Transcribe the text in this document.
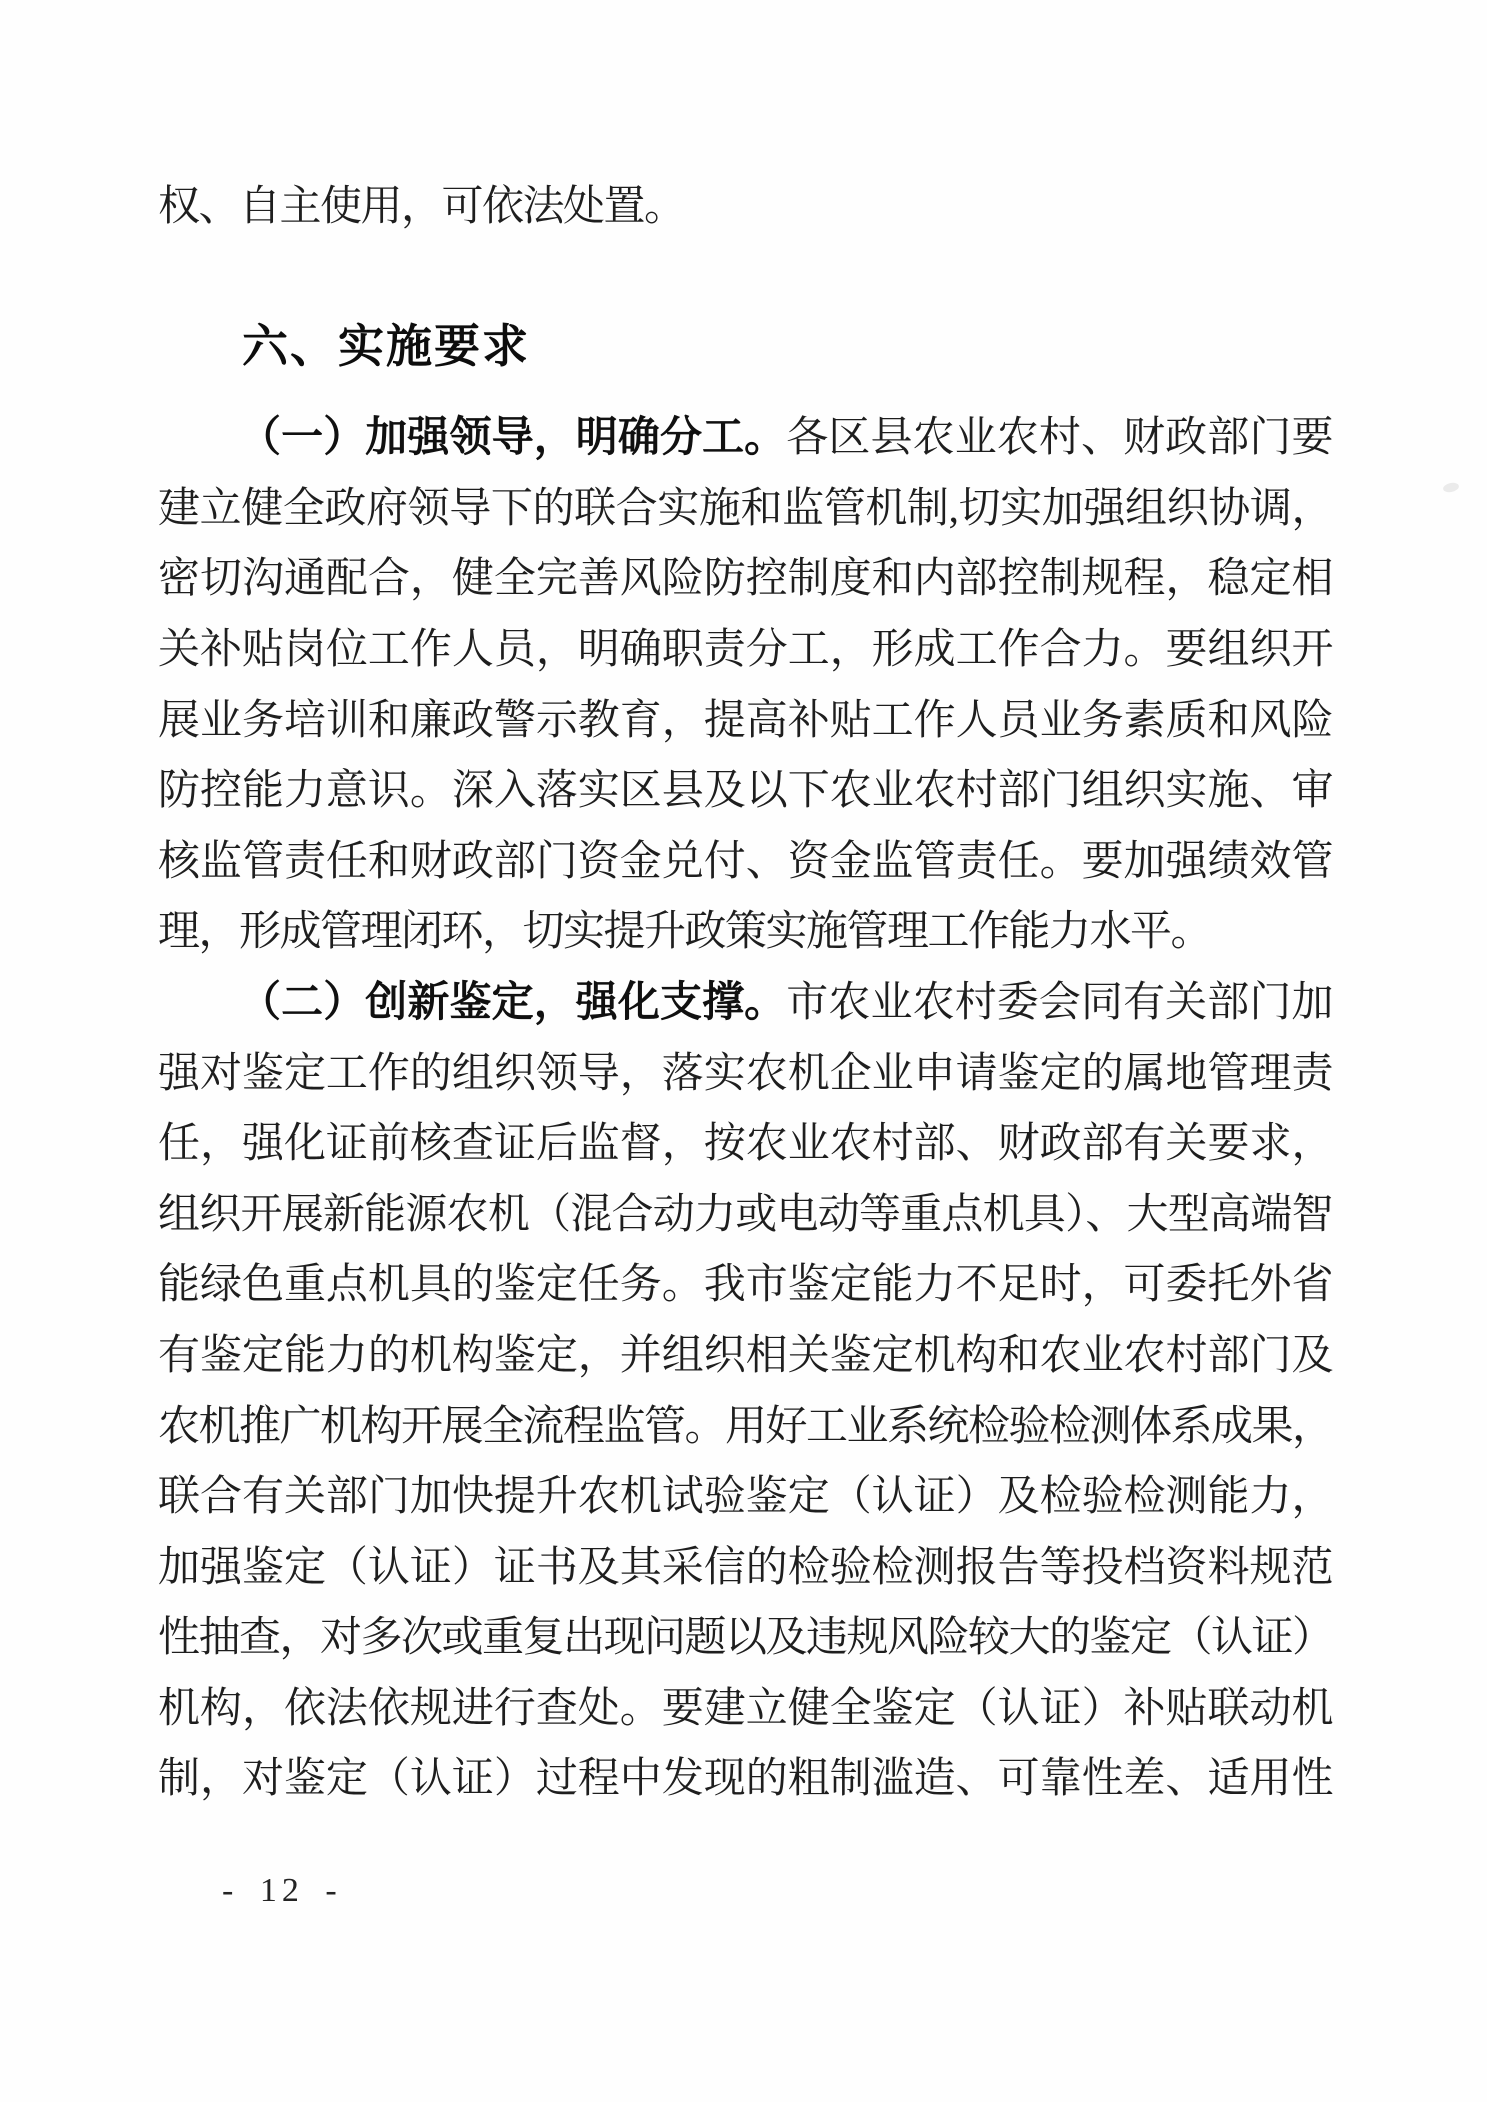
权、自主使用，可依法处置。
六、实施要求
（一）加强领导，明确分工。各区县农业农村、财政部门要
建立健全政府领导下的联合实施和监管机制,切实加强组织协调，
密切沟通配合，健全完善风险防控制度和内部控制规程，稳定相
关补贴岗位工作人员，明确职责分工，形成工作合力。要组织开
展业务培训和廉政警示教育，提高补贴工作人员业务素质和风险
防控能力意识。深入落实区县及以下农业农村部门组织实施、审
核监管责任和财政部门资金兑付、资金监管责任。要加强绩效管
理，形成管理闭环，切实提升政策实施管理工作能力水平。
（二）创新鉴定，强化支撑。市农业农村委会同有关部门加
强对鉴定工作的组织领导，落实农机企业申请鉴定的属地管理责
任，强化证前核查证后监督，按农业农村部、财政部有关要求，
组织开展新能源农机（混合动力或电动等重点机具）、大型高端智
能绿色重点机具的鉴定任务。我市鉴定能力不足时，可委托外省
有鉴定能力的机构鉴定，并组织相关鉴定机构和农业农村部门及
农机推广机构开展全流程监管。用好工业系统检验检测体系成果，
联合有关部门加快提升农机试验鉴定（认证）及检验检测能力，
加强鉴定（认证）证书及其采信的检验检测报告等投档资料规范
性抽查，对多次或重复出现问题以及违规风险较大的鉴定（认证）
机构，依法依规进行查处。要建立健全鉴定（认证）补贴联动机
制，对鉴定（认证）过程中发现的粗制滥造、可靠性差、适用性
- 12 -
